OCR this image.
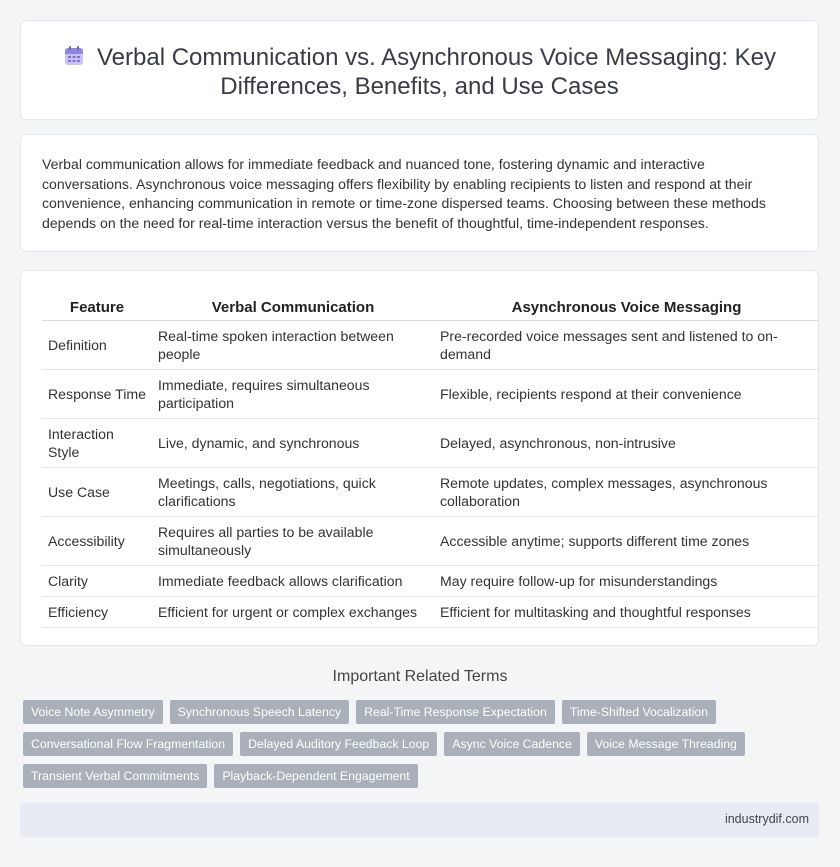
Verbal Communication vs. Asynchronous Voice Messaging: Key Differences, Benefits, and Use Cases

Verbal communication allows for immediate feedback and nuanced tone, fostering dynamic and interactive conversations. Asynchronous voice messaging offers flexibility by enabling recipients to listen and respond at their convenience, enhancing communication in remote or time-zone dispersed teams. Choosing between these methods depends on the need for real-time interaction versus the benefit of thoughtful, time-independent responses.

Feature	Verbal Communication	Asynchronous Voice Messaging
Definition	Real-time spoken interaction between people	Pre-recorded voice messages sent and listened to on-demand
Response Time	Immediate, requires simultaneous participation	Flexible, recipients respond at their convenience
Interaction Style	Live, dynamic, and synchronous	Delayed, asynchronous, non-intrusive
Use Case	Meetings, calls, negotiations, quick clarifications	Remote updates, complex messages, asynchronous collaboration
Accessibility	Requires all parties to be available simultaneously	Accessible anytime; supports different time zones
Clarity	Immediate feedback allows clarification	May require follow-up for misunderstandings
Efficiency	Efficient for urgent or complex exchanges	Efficient for multitasking and thoughtful responses
Important Related Terms
Voice Note Asymmetry	Synchronous Speech Latency	Real-Time Response Expectation	Time-Shifted Vocalization
Conversational Flow Fragmentation	Delayed Auditory Feedback Loop	Async Voice Cadence	Voice Message Threading
Transient Verbal Commitments	Playback-Dependent Engagement
industrydif.com
